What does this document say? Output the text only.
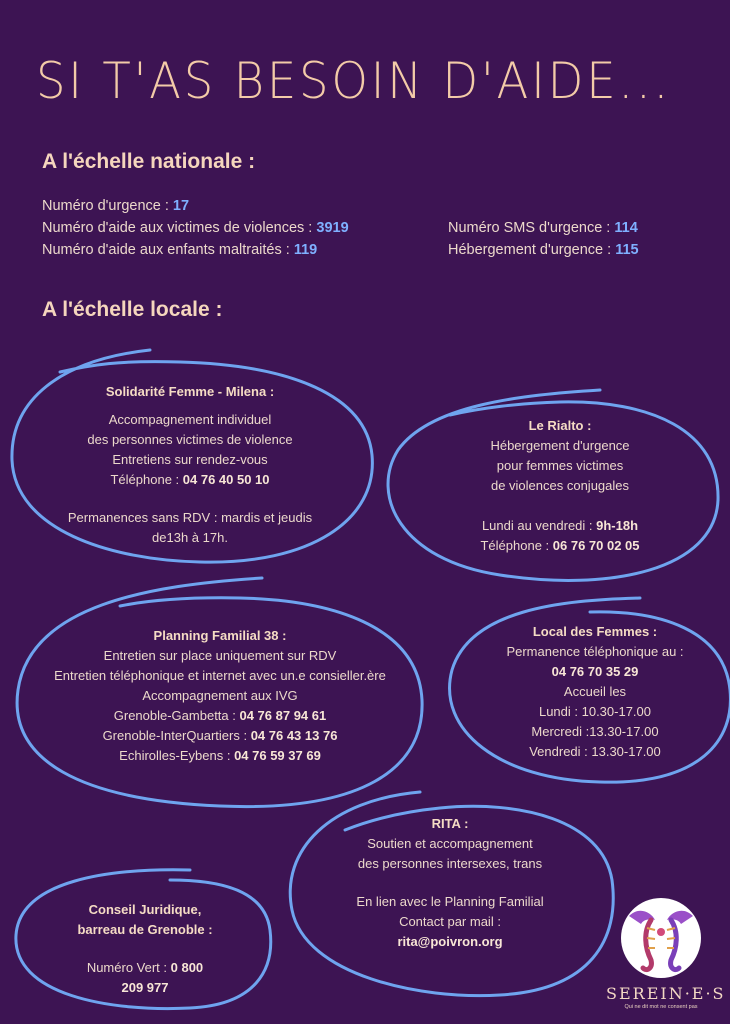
SI T'AS BESOIN D'AIDE...
A l'échelle nationale :
Numéro d'urgence : 17
Numéro d'aide aux victimes de violences : 3919
Numéro d'aide aux enfants maltraités : 119
Numéro SMS d'urgence : 114
Hébergement d'urgence : 115
A l'échelle locale :
Solidarité Femme - Milena :
Accompagnement individuel
des personnes victimes de violence
Entretiens sur rendez-vous
Téléphone : 04 76 40 50 10
Permanences sans RDV : mardis et jeudis
de13h à 17h.
Le Rialto :
Hébergement d'urgence
pour femmes victimes
de violences conjugales
Lundi au vendredi : 9h-18h
Téléphone : 06 76 70 02 05
Planning Familial 38 :
Entretien sur place uniquement sur RDV
Entretien téléphonique et internet avec un.e consieller.ère
Accompagnement aux IVG
Grenoble-Gambetta : 04 76 87 94 61
Grenoble-InterQuartiers : 04 76 43 13 76
Echirolles-Eybens : 04 76 59 37 69
Local des Femmes :
Permanence téléphonique au :
04 76 70 35 29
Accueil les
Lundi : 10.30-17.00
Mercredi :13.30-17.00
Vendredi : 13.30-17.00
RITA :
Soutien et accompagnement
des personnes intersexes, trans
En lien avec le Planning Familial
Contact par mail :
rita@poivron.org
Conseil Juridique,
barreau de Grenoble :
Numéro Vert : 0 800
209 977	SEREIN·E·S
Qui ne dit mot ne consent pas
